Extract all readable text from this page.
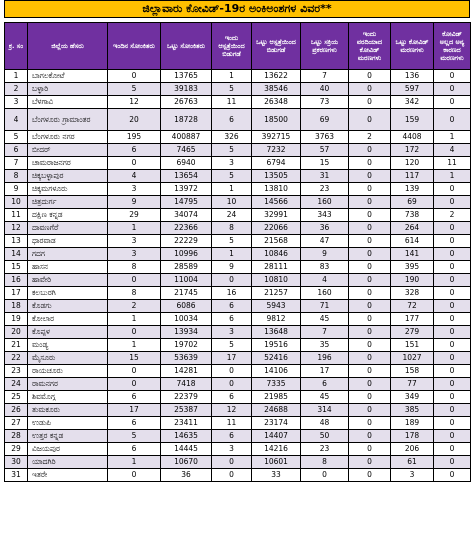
ಜಿಲ್ಲಾವಾರು ಕೋವಿಡ್-19ರ ಅಂಕಿಅಂಶಗಳ ವಿವರ**
ಕ್ರ. ಸಂ	ಜಿಲ್ಲೆಯ ಹೆಸರು	ಇಂದಿನ ಸೋಂಕಿತರು	ಒಟ್ಟು ಸೋಂಕಿತರು	ಇಂದು ಆಸ್ಪತ್ರೆಯಿಂದ ಬಿಡುಗಡೆ	ಒಟ್ಟು ಆಸ್ಪತ್ರೆಯಿಂದ ಬಿಡುಗಡೆ	ಒಟ್ಟು ಸಕ್ರಿಯ ಪ್ರಕರಣಗಳು	ಇಂದು ವರದಿಯಾದ ಕೋವಿಡ್ ಮರಣಗಳು	ಒಟ್ಟು ಕೋವಿಡ್ ಮರಣಗಳು	ಕೋವಿಡ್ ಅಲ್ಲದ ಅನ್ಯ ಕಾರಣದ ಮರಣಗಳು
1	ಬಾಗಲಕೋಟೆ	0	13765	1	13622	7	0	136	0
2	ಬಳ್ಳಾರಿ	5	39183	5	38546	40	0	597	0
3	ಬೆಳಗಾವಿ	12	26763	11	26348	73	0	342	0
4	ಬೆಂಗಳೂರು ಗ್ರಾಮಾಂತರ	20	18728	6	18500	69	0	159	0
5	ಬೆಂಗಳೂರು ನಗರ	195	400887	326	392715	3763	2	4408	1
6	ಬೀದರ್	6	7465	5	7232	57	0	172	4
7	ಚಾಮರಾಜನಗರ	0	6940	3	6794	15	0	120	11
8	ಚಿಕ್ಕಬಳ್ಳಾಪುರ	4	13654	5	13505	31	0	117	1
9	ಚಿಕ್ಕಮಗಳೂರು	3	13972	1	13810	23	0	139	0
10	ಚಿತ್ರದುರ್ಗ	9	14795	10	14566	160	0	69	0
11	ದಕ್ಷಿಣ ಕನ್ನಡ	29	34074	24	32991	343	0	738	2
12	ದಾವಣಗೆರೆ	1	22366	8	22066	36	0	264	0
13	ಧಾರವಾಡ	3	22229	5	21568	47	0	614	0
14	ಗದಗ	3	10996	1	10846	9	0	141	0
15	ಹಾಸನ	8	28589	9	28111	83	0	395	0
16	ಹಾವೇರಿ	0	11004	0	10810	4	0	190	0
17	ಕಲಬುರಗಿ	8	21745	16	21257	160	0	328	0
18	ಕೊಡಗು	2	6086	6	5943	71	0	72	0
19	ಕೋಲಾರ	1	10034	6	9812	45	0	177	0
20	ಕೊಪ್ಪಳ	0	13934	3	13648	7	0	279	0
21	ಮಂಡ್ಯ	1	19702	5	19516	35	0	151	0
22	ಮೈಸೂರು	15	53639	17	52416	196	0	1027	0
23	ರಾಯಚೂರು	0	14281	0	14106	17	0	158	0
24	ರಾಮನಗರ	0	7418	0	7335	6	0	77	0
25	ಶಿವಮೊಗ್ಗ	6	22379	6	21985	45	0	349	0
26	ತುಮಕೂರು	17	25387	12	24688	314	0	385	0
27	ಉಡುಪಿ	6	23411	11	23174	48	0	189	0
28	ಉತ್ತರ ಕನ್ನಡ	5	14635	6	14407	50	0	178	0
29	ವಿಜಯಪುರ	6	14445	3	14216	23	0	206	0
30	ಯಾದಗಿರಿ	1	10670	0	10601	8	0	61	0
31	ಇತರೇ	0	36	0	33	0	0	3	0
